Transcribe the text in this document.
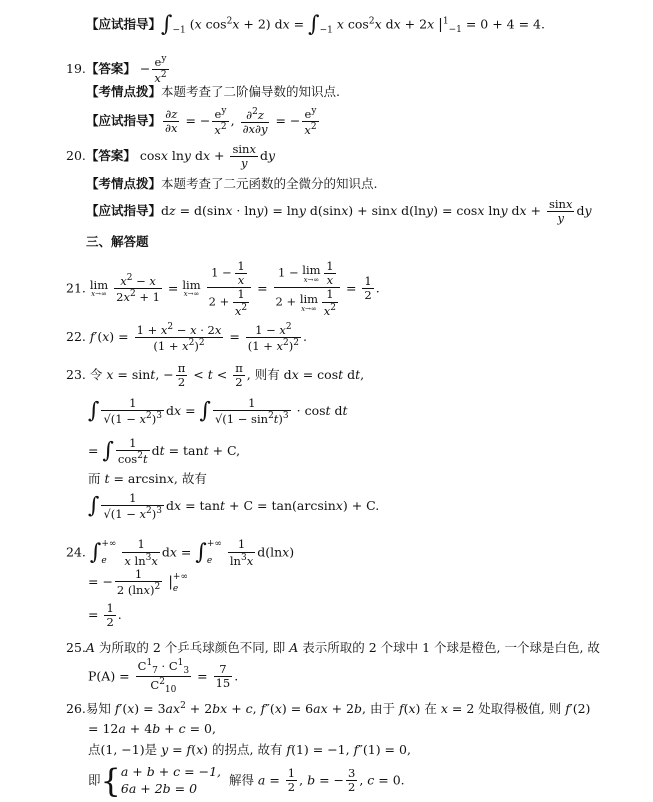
【应试指导】$\int_{-1}$ (x $\cos^2x + 2$) dx = $\int_{-1}$ x $\cos^2x$ dx + 2x $|^1_{-1} = 0 + 4 = 4$.
19.【答案】 − $\frac{e^y}{x^2}$
【考情点拨】本题考查了二阶偏导数的知识点.
【应试指导】 $\frac{\partial z}{\partial x}$ = − $\frac{e^y}{x^2}$ , $\frac{\partial^2z}{\partial x\partial y}$ = − $\frac{e^y}{x^2}$
20.【答案】 cosx lny dx + $\frac{\sin x}{y}$ dy
【考情点拨】本题考查了二元函数的全微分的知识点.
【应试指导】dz = d(sinx · lny) = lny d(sinx) + sinx d(lny) = cosx lny dx + $\frac{\sin x}{y}$ dy
三、解答题
21. lim
x→∞
$\frac{x^2 - x}{2x^2 + 1} = \lim$
x→∞
$\frac{1 - \frac{1}{x}}{2 + \frac{1}{x^2}} = 1 - \lim$
x→∞
$\frac{1}{x}$
2 + lim
x→∞
$\frac{1}{x^2} = \frac{1}{2}$ .
22. $f'(x) = \frac{1 + x^2 - x \cdot 2x}{(1 + x^2)^2} = \frac{1 - x^2}{(1 + x^2)^2}$ .
23. 令 x = sint, − $\frac{\pi}{2} < t < \frac{\pi}{2}$ , 则有 dx = cost dt,
∫ $\frac{1}{√(1 - x^2)^3}$ dx = ∫ $\frac{1}{√(1 - \sin^2t)^3} \cdot \cos t$ dt
= ∫ $\frac{1}{\cos^2t}$ dt = tant + C,
而 t = arcsinx, 故有
∫ $\frac{1}{√(1 - x^2)^3}$ dx = tant + C = tan(arcsinx) + C.
24. ∫ +∞
e
	$\frac{1}{x \ln^3x}$ dx = ∫ +∞
e
	$\frac{1}{\ln^3x} d(\ln x)$
= − $\frac{1}{2 (\ln x)^2}$ | +∞
e
= $\frac{1}{2}$ .
25.A 为所取的 2 个乒乓球颜色不同, 即 A 表示所取的 2 个球中 1 个球是橙色, 一个球是白色, 故
$P(A) = \frac{C^1_7 \cdot C^1_3}{C^2_{10}} = \frac{7}{15}$ .
26.易知 $f'(x) = 3ax^2 + 2bx + c$, f″(x) = 6ax + 2b, 由于 f(x) 在 x = 2 处取得极值, 则 f′(2)
= 12a + 4b + c = 0,
点(1, −1)是 y = f(x) 的拐点, 故有 f(1) = −1, f″(1) = 0,
即{ a + b + c = −1,
6a + 2b = 0
解得 $a = \frac{1}{2}$ , b = − $\frac{3}{2}$ , c = 0.
